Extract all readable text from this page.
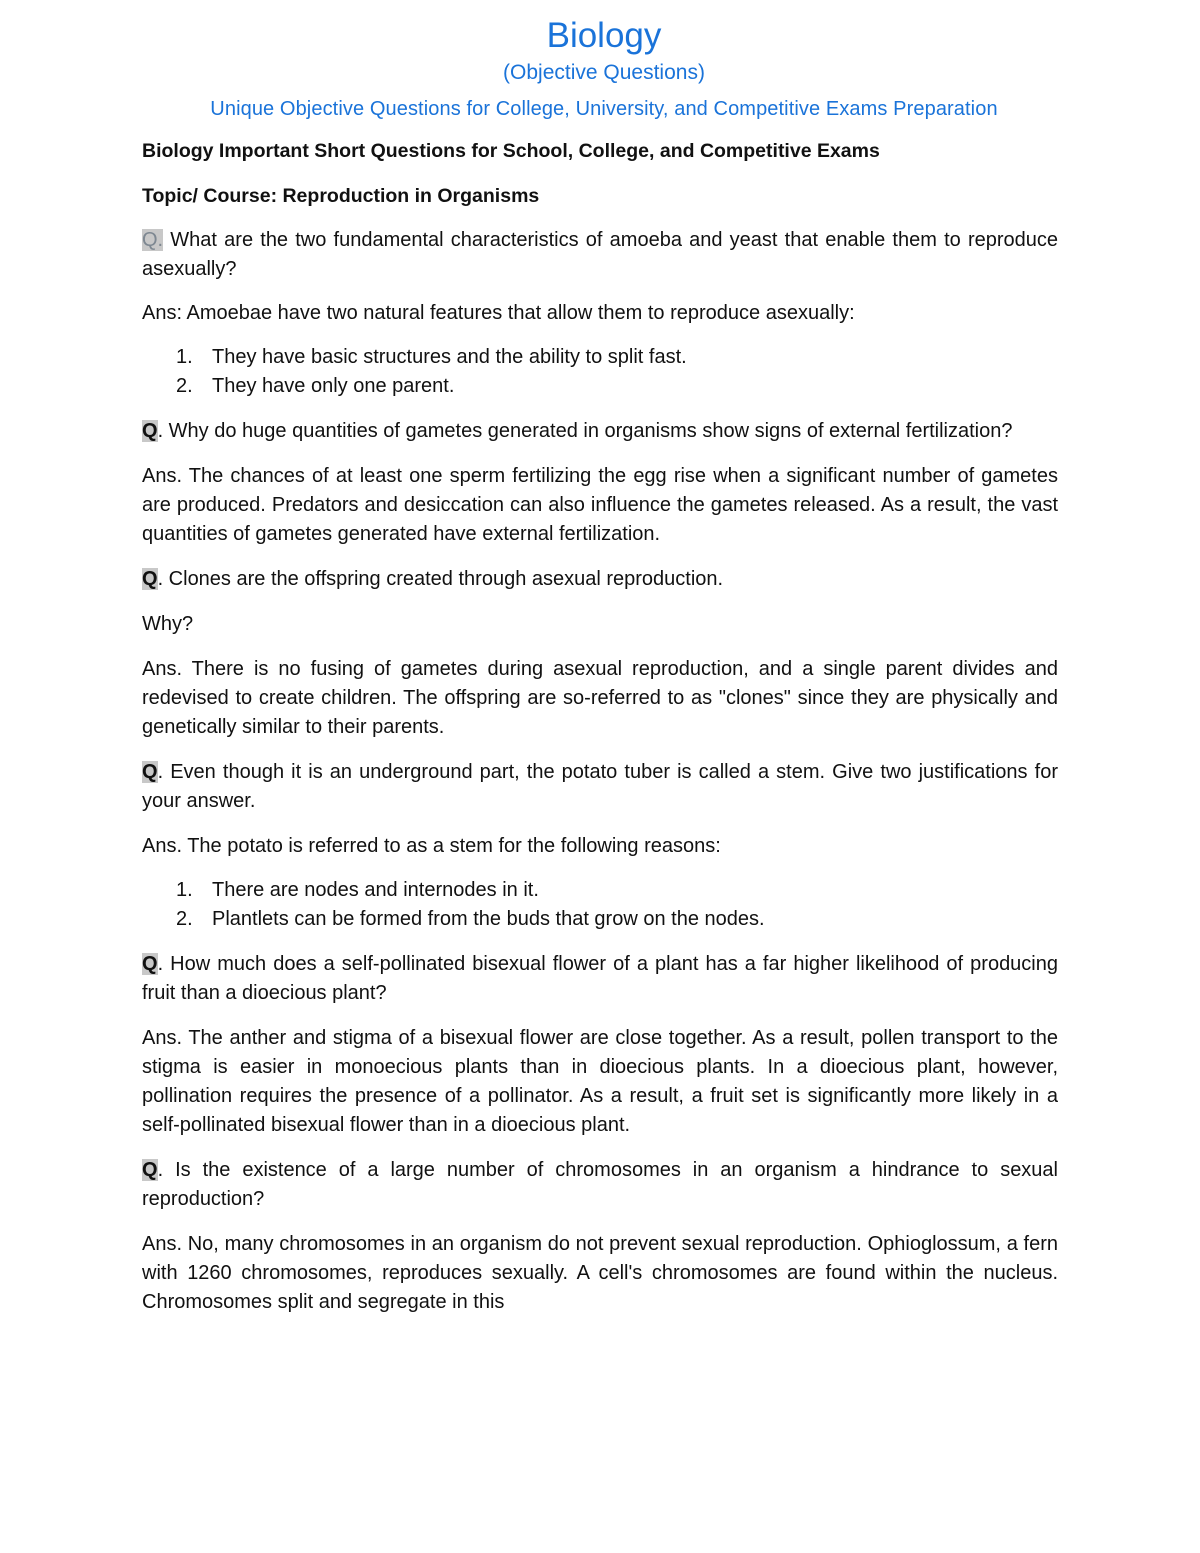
Biology

(Objective Questions)

Unique Objective Questions for College, University, and Competitive Exams Preparation

Biology Important Short Questions for School, College, and Competitive Exams

Topic/ Course: Reproduction in Organisms

Q. What are the two fundamental characteristics of amoeba and yeast that enable them to reproduce asexually?

Ans: Amoebae have two natural features that allow them to reproduce asexually:

1. They have basic structures and the ability to split fast.
2. They have only one parent.

Q. Why do huge quantities of gametes generated in organisms show signs of external fertilization?

Ans. The chances of at least one sperm fertilizing the egg rise when a significant number of gametes are produced. Predators and desiccation can also influence the gametes released. As a result, the vast quantities of gametes generated have external fertilization.

Q. Clones are the offspring created through asexual reproduction.

Why?

Ans. There is no fusing of gametes during asexual reproduction, and a single parent divides and redevised to create children. The offspring are so-referred to as "clones" since they are physically and genetically similar to their parents.

Q. Even though it is an underground part, the potato tuber is called a stem. Give two justifications for your answer.

Ans. The potato is referred to as a stem for the following reasons:

1. There are nodes and internodes in it.
2. Plantlets can be formed from the buds that grow on the nodes.

Q. How much does a self-pollinated bisexual flower of a plant has a far higher likelihood of producing fruit than a dioecious plant?

Ans. The anther and stigma of a bisexual flower are close together. As a result, pollen transport to the stigma is easier in monoecious plants than in dioecious plants. In a dioecious plant, however, pollination requires the presence of a pollinator. As a result, a fruit set is significantly more likely in a self-pollinated bisexual flower than in a dioecious plant.

Q. Is the existence of a large number of chromosomes in an organism a hindrance to sexual reproduction?

Ans. No, many chromosomes in an organism do not prevent sexual reproduction. Ophioglossum, a fern with 1260 chromosomes, reproduces sexually. A cell's chromosomes are found within the nucleus. Chromosomes split and segregate in this
